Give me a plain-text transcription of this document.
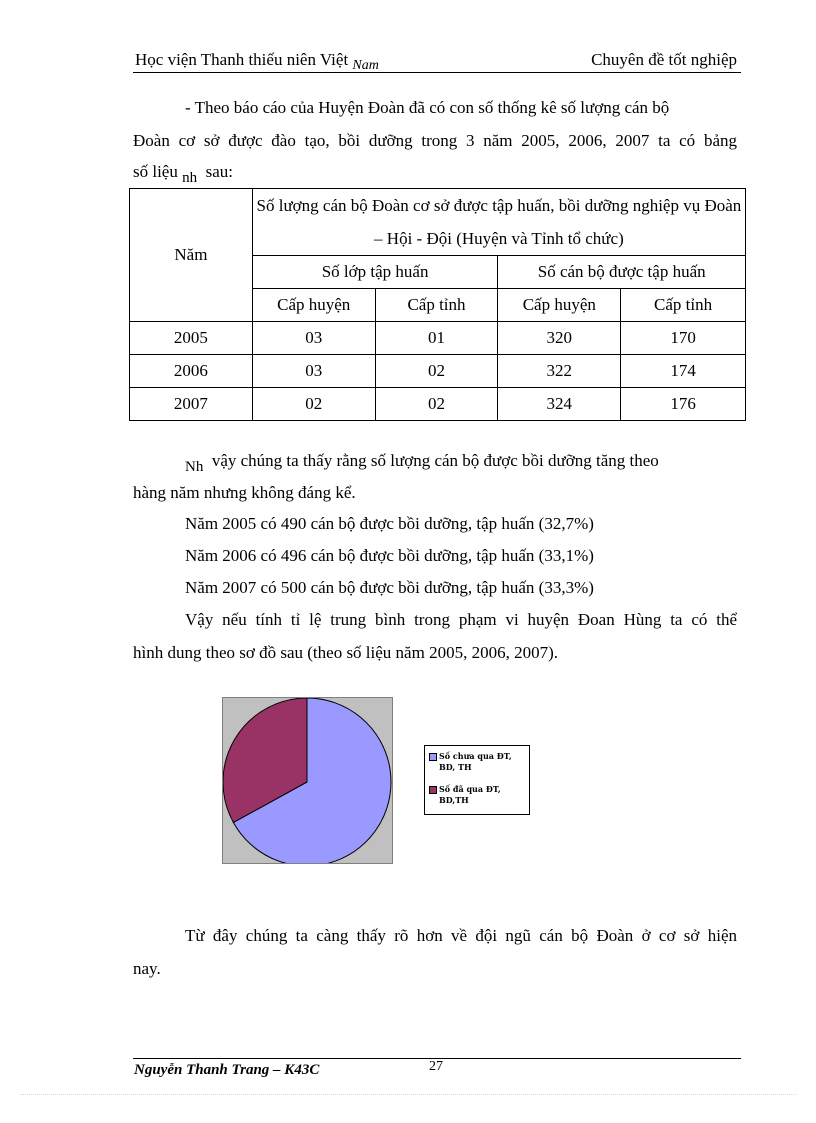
Học viện Thanh thiếu niên Việt $_{Nam}$	Chuyên đề tốt nghiệp
- Theo báo cáo của Huyện Đoàn đã có con số thống kê số lượng cán bộ
Đoàn cơ sở được đào tạo, bồi dưỡng trong 3 năm 2005, 2006, 2007 ta có bảng
số liệu nh sau:
Năm	Số lượng cán bộ Đoàn cơ sở được tập huấn, bồi dưỡng nghiệp vụ Đoàn – Hội - Đội (Huyện và Tỉnh tổ chức)			
	Số lớp tập huấn		Số cán bộ được tập huấn	
	Cấp huyện	Cấp tỉnh	Cấp huyện	Cấp tỉnh
2005	03	01	320	170
2006	03	02	322	174
2007	02	02	324	176
Nh vậy chúng ta thấy rằng số lượng cán bộ được bồi dưỡng tăng theo
hàng năm nhưng không đáng kể.
Năm 2005 có 490 cán bộ được bồi dưỡng, tập huấn (32,7%)
Năm 2006 có 496 cán bộ được bồi dưỡng, tập huấn (33,1%)
Năm 2007 có 500 cán bộ được bồi dưỡng, tập huấn (33,3%)
Vậy nếu tính tỉ lệ trung bình trong phạm vi huyện Đoan Hùng ta có thể
hình dung theo sơ đồ sau (theo số liệu năm 2005, 2006, 2007).
Số chưa qua ĐT,
BD, TH
Số đã qua ĐT,
BD,TH
Từ đây chúng ta càng thấy rõ hơn về đội ngũ cán bộ Đoàn ở cơ sở hiện
nay.
Nguyễn Thanh Trang – K43C	27
